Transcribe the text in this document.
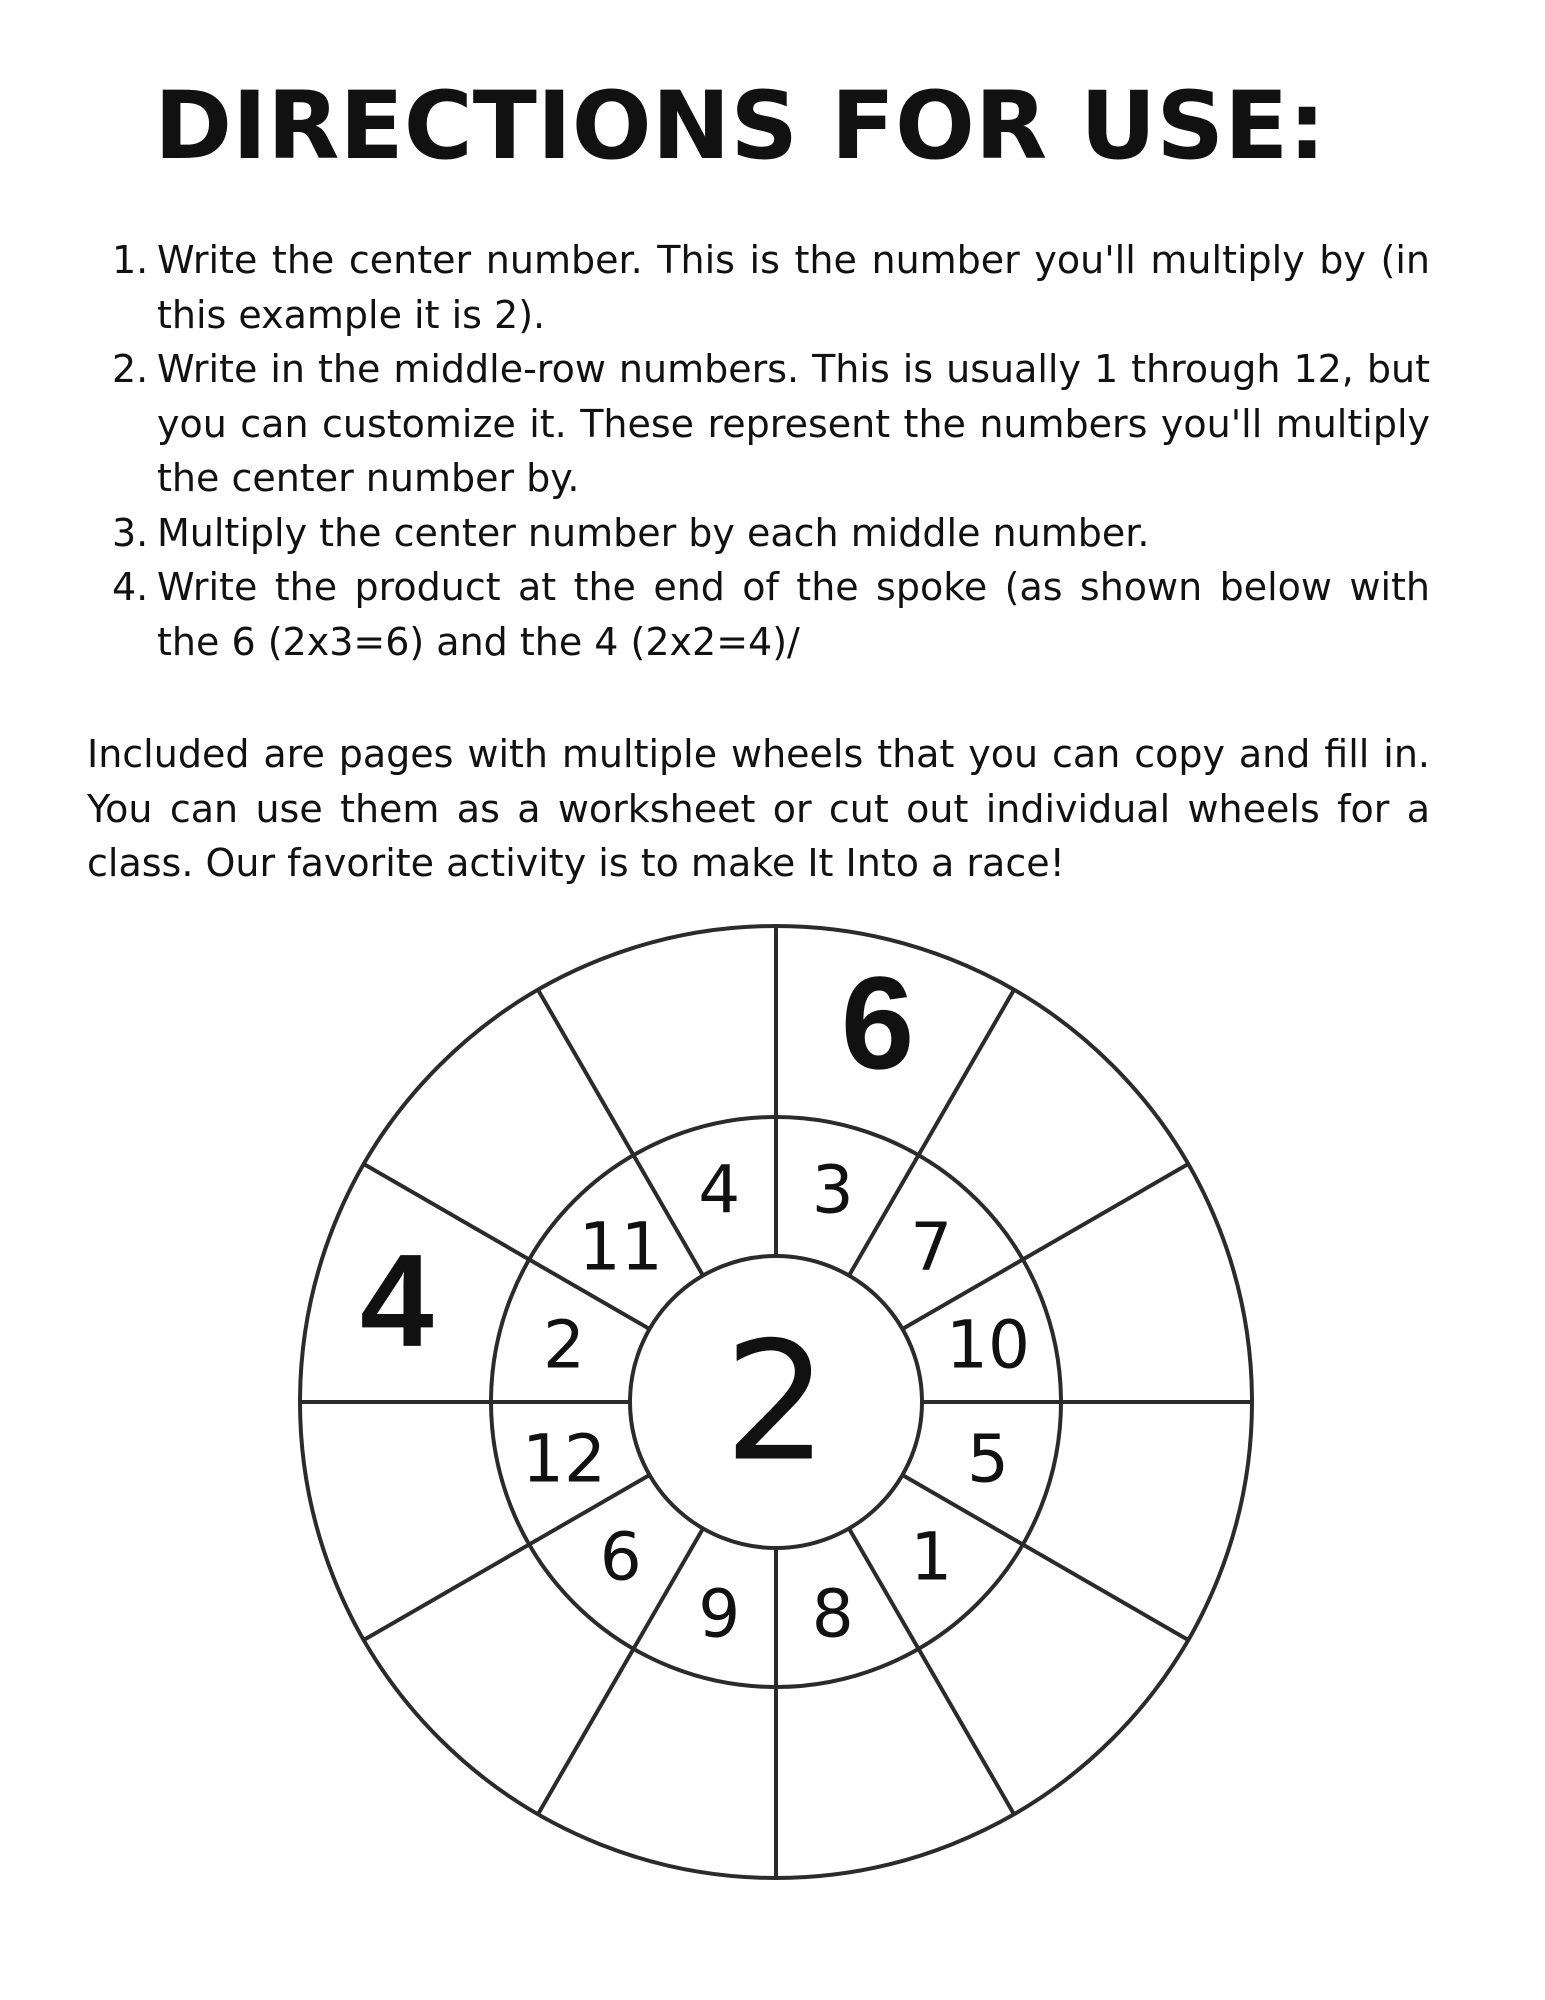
DIRECTIONS FOR USE:
1. Write the center number. This is the number you'll multiply by (in this example it is 2).
2. Write in the middle-row numbers. This is usually 1 through 12, but you can customize it. These represent the numbers you'll multiply the center number by.
3. Multiply the center number by each middle number.
4. Write the product at the end of the spoke (as shown below with the 6 (2x3=6) and the 4 (2x2=4)/

Included are pages with multiple wheels that you can copy and fill in. You can use them as a worksheet or cut out individual wheels for a class. Our favorite activity is to make It Into a race!

3
7
10
5
1
8
9
6
12
2
11
4
6
4
2
